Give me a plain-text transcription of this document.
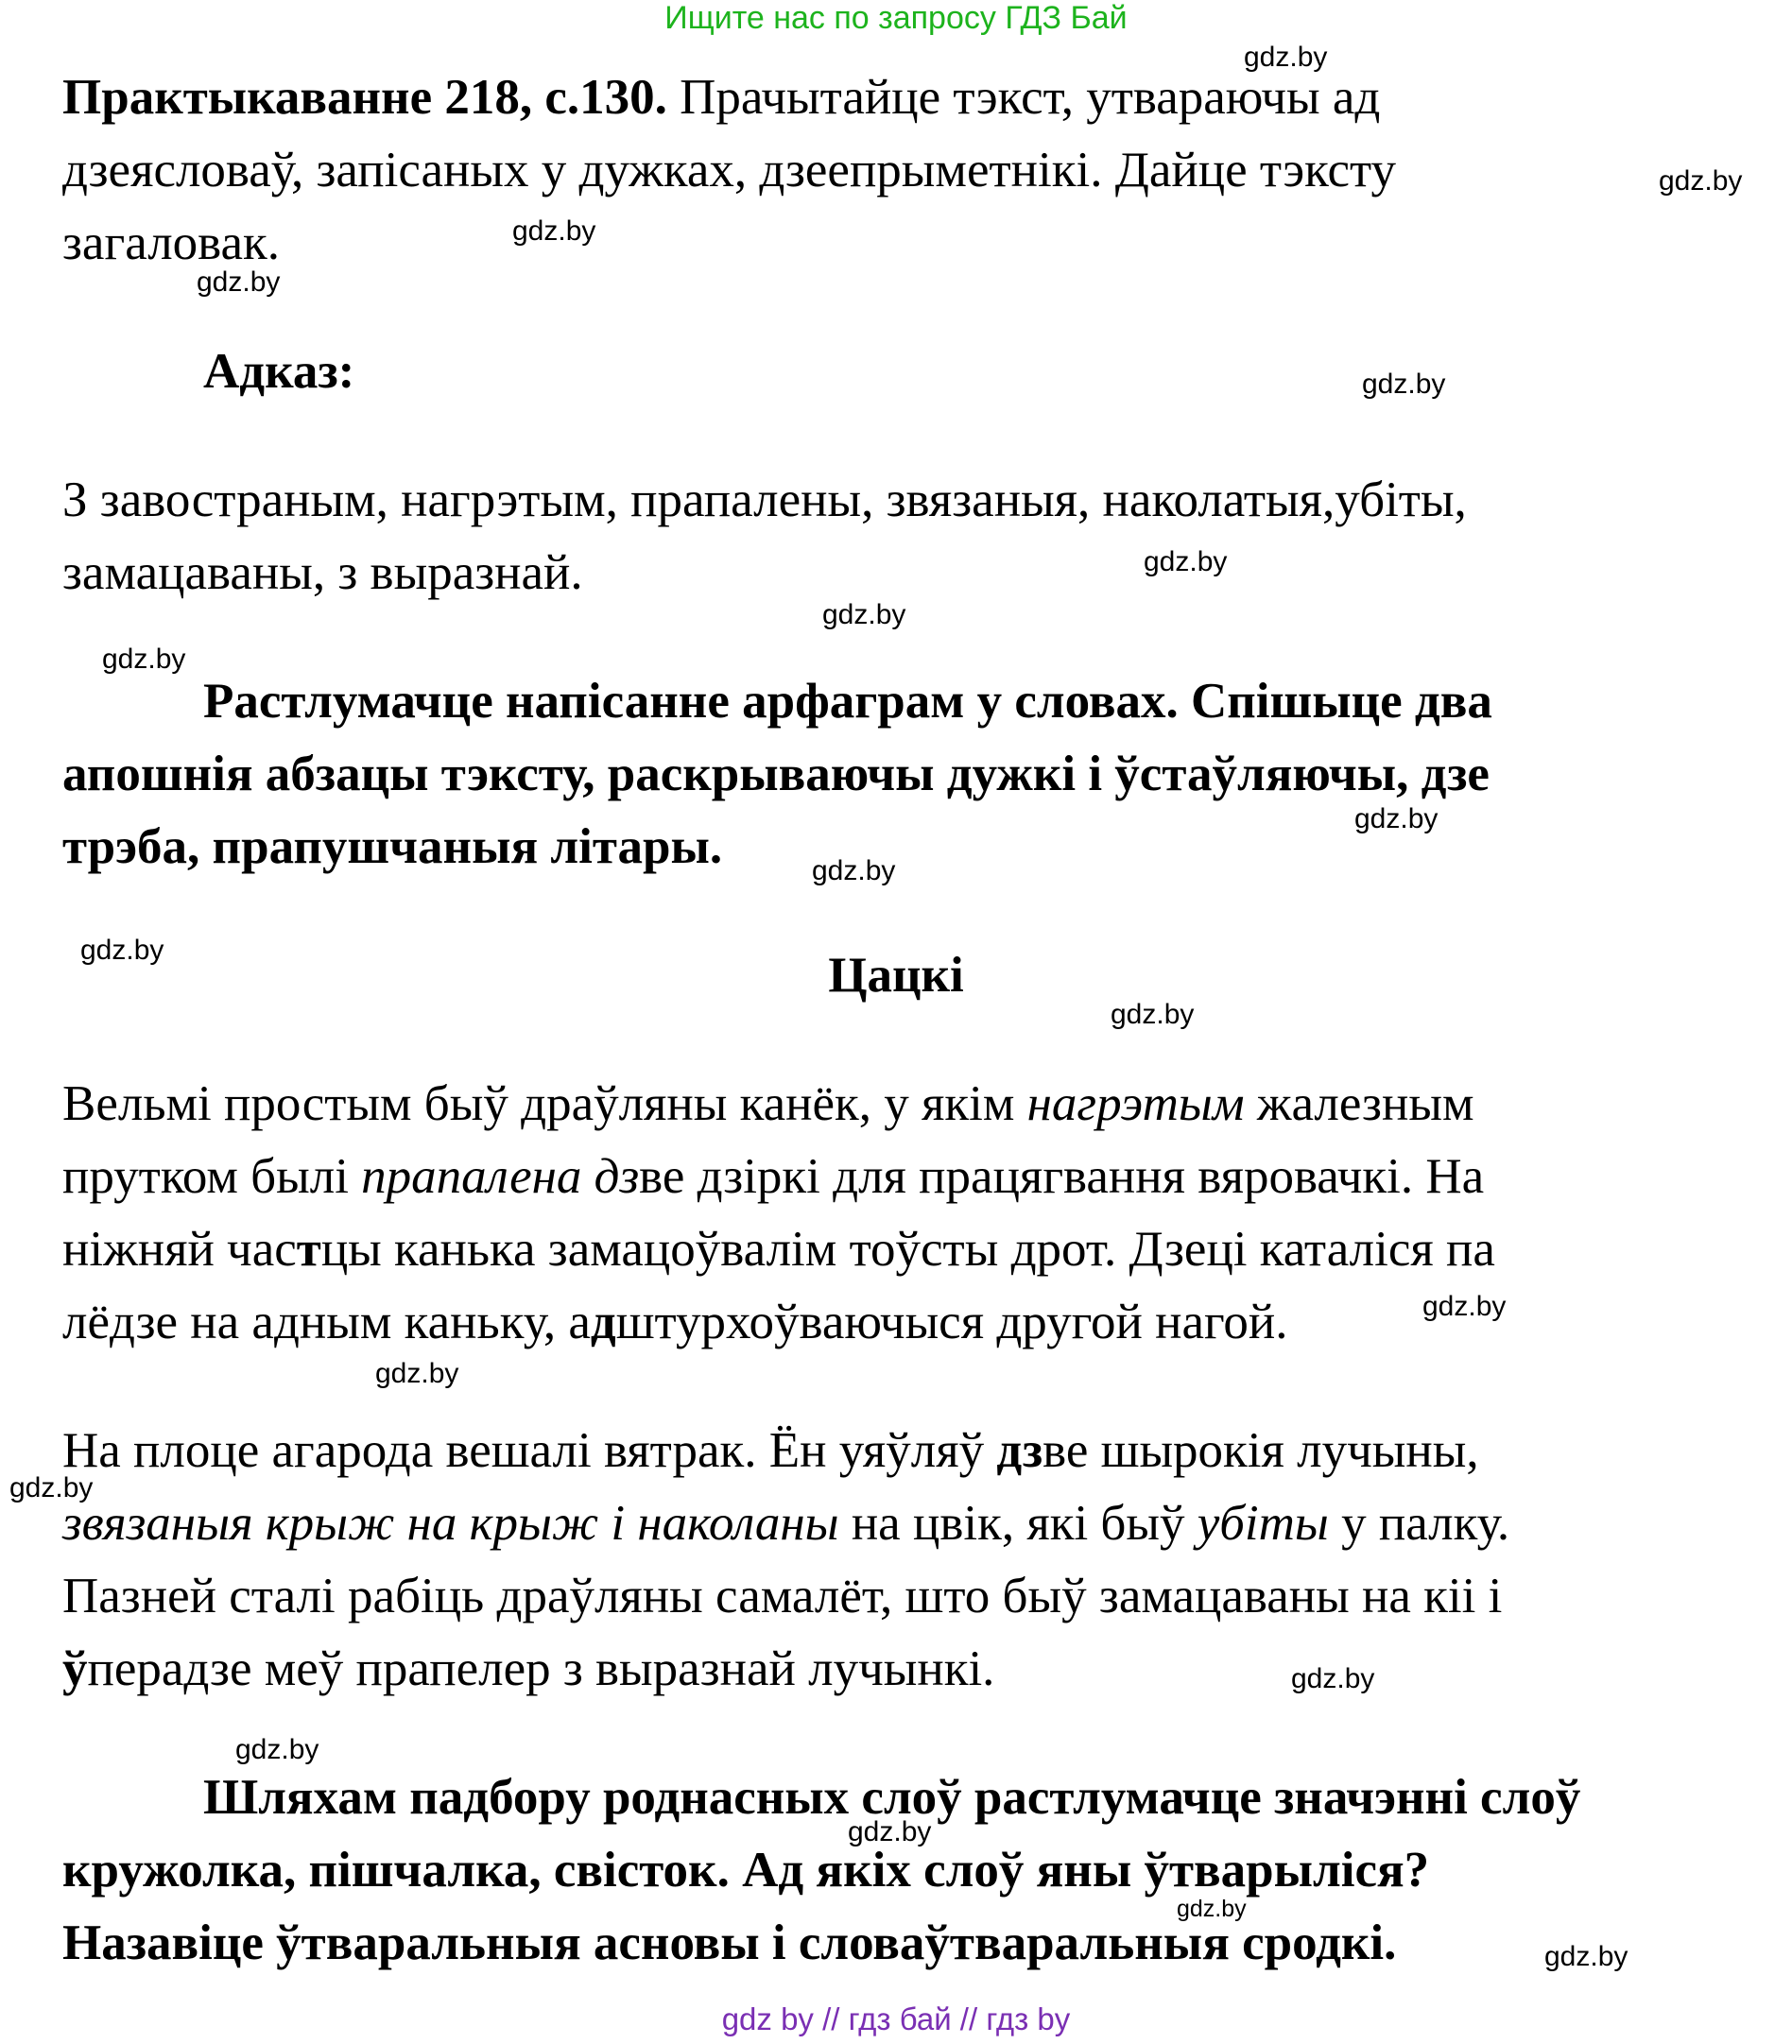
Ищите нас по запросу ГДЗ Бай
Практыкаванне 218, с.130. Прачытайце тэкст, утвараючы ад
дзеясловаў, запісаных у дужках, дзеепрыметнікі. Дайце тэксту
загаловак.
Адказ:
З завостраным, нагрэтым, прапалены, звязаныя, наколатыя,убіты,
замацаваны, з выразнай.
Растлумачце напісанне арфаграм у словах. Спішыце два
апошнія абзацы тэксту, раскрываючы дужкі і ўстаўляючы, дзе
трэба, прапушчаныя літары.
Цацкі
Вельмі простым быў драўляны канёк, у якім нагрэтым жалезным
прутком былі прапалена дзве дзіркі для працягвання вяровачкі. На
ніжняй частцы канька замацоўвалім тоўсты дрот. Дзеці каталіся па
лёдзе на адным каньку, адштурхоўваючыся другой нагой.
На плоце агарода вешалі вятрак. Ён уяўляў дзве шырокія лучыны,
звязаныя крыж на крыж і наколаны на цвік, які быў убіты у палку.
Пазней сталі рабіць драўляны самалёт, што быў замацаваны на кіі і
ўперадзе меў прапелер з выразнай лучынкі.
Шляхам падбору роднасных слоў растлумачце значэнні слоў
кружолка, пішчалка, свісток. Ад якіх слоў яны ўтварыліся?
Назавіце ўтваральныя асновы і словаўтваральныя сродкі.
gdz.by
gdz.by
gdz.by
gdz.by
gdz.by
gdz.by
gdz.by
gdz.by
gdz.by
gdz.by
gdz.by
gdz.by
gdz.by
gdz.by
gdz.by
gdz.by
gdz.by
gdz.by
gdz.by
gdz.by
gdz by // гдз бай // гдз by
